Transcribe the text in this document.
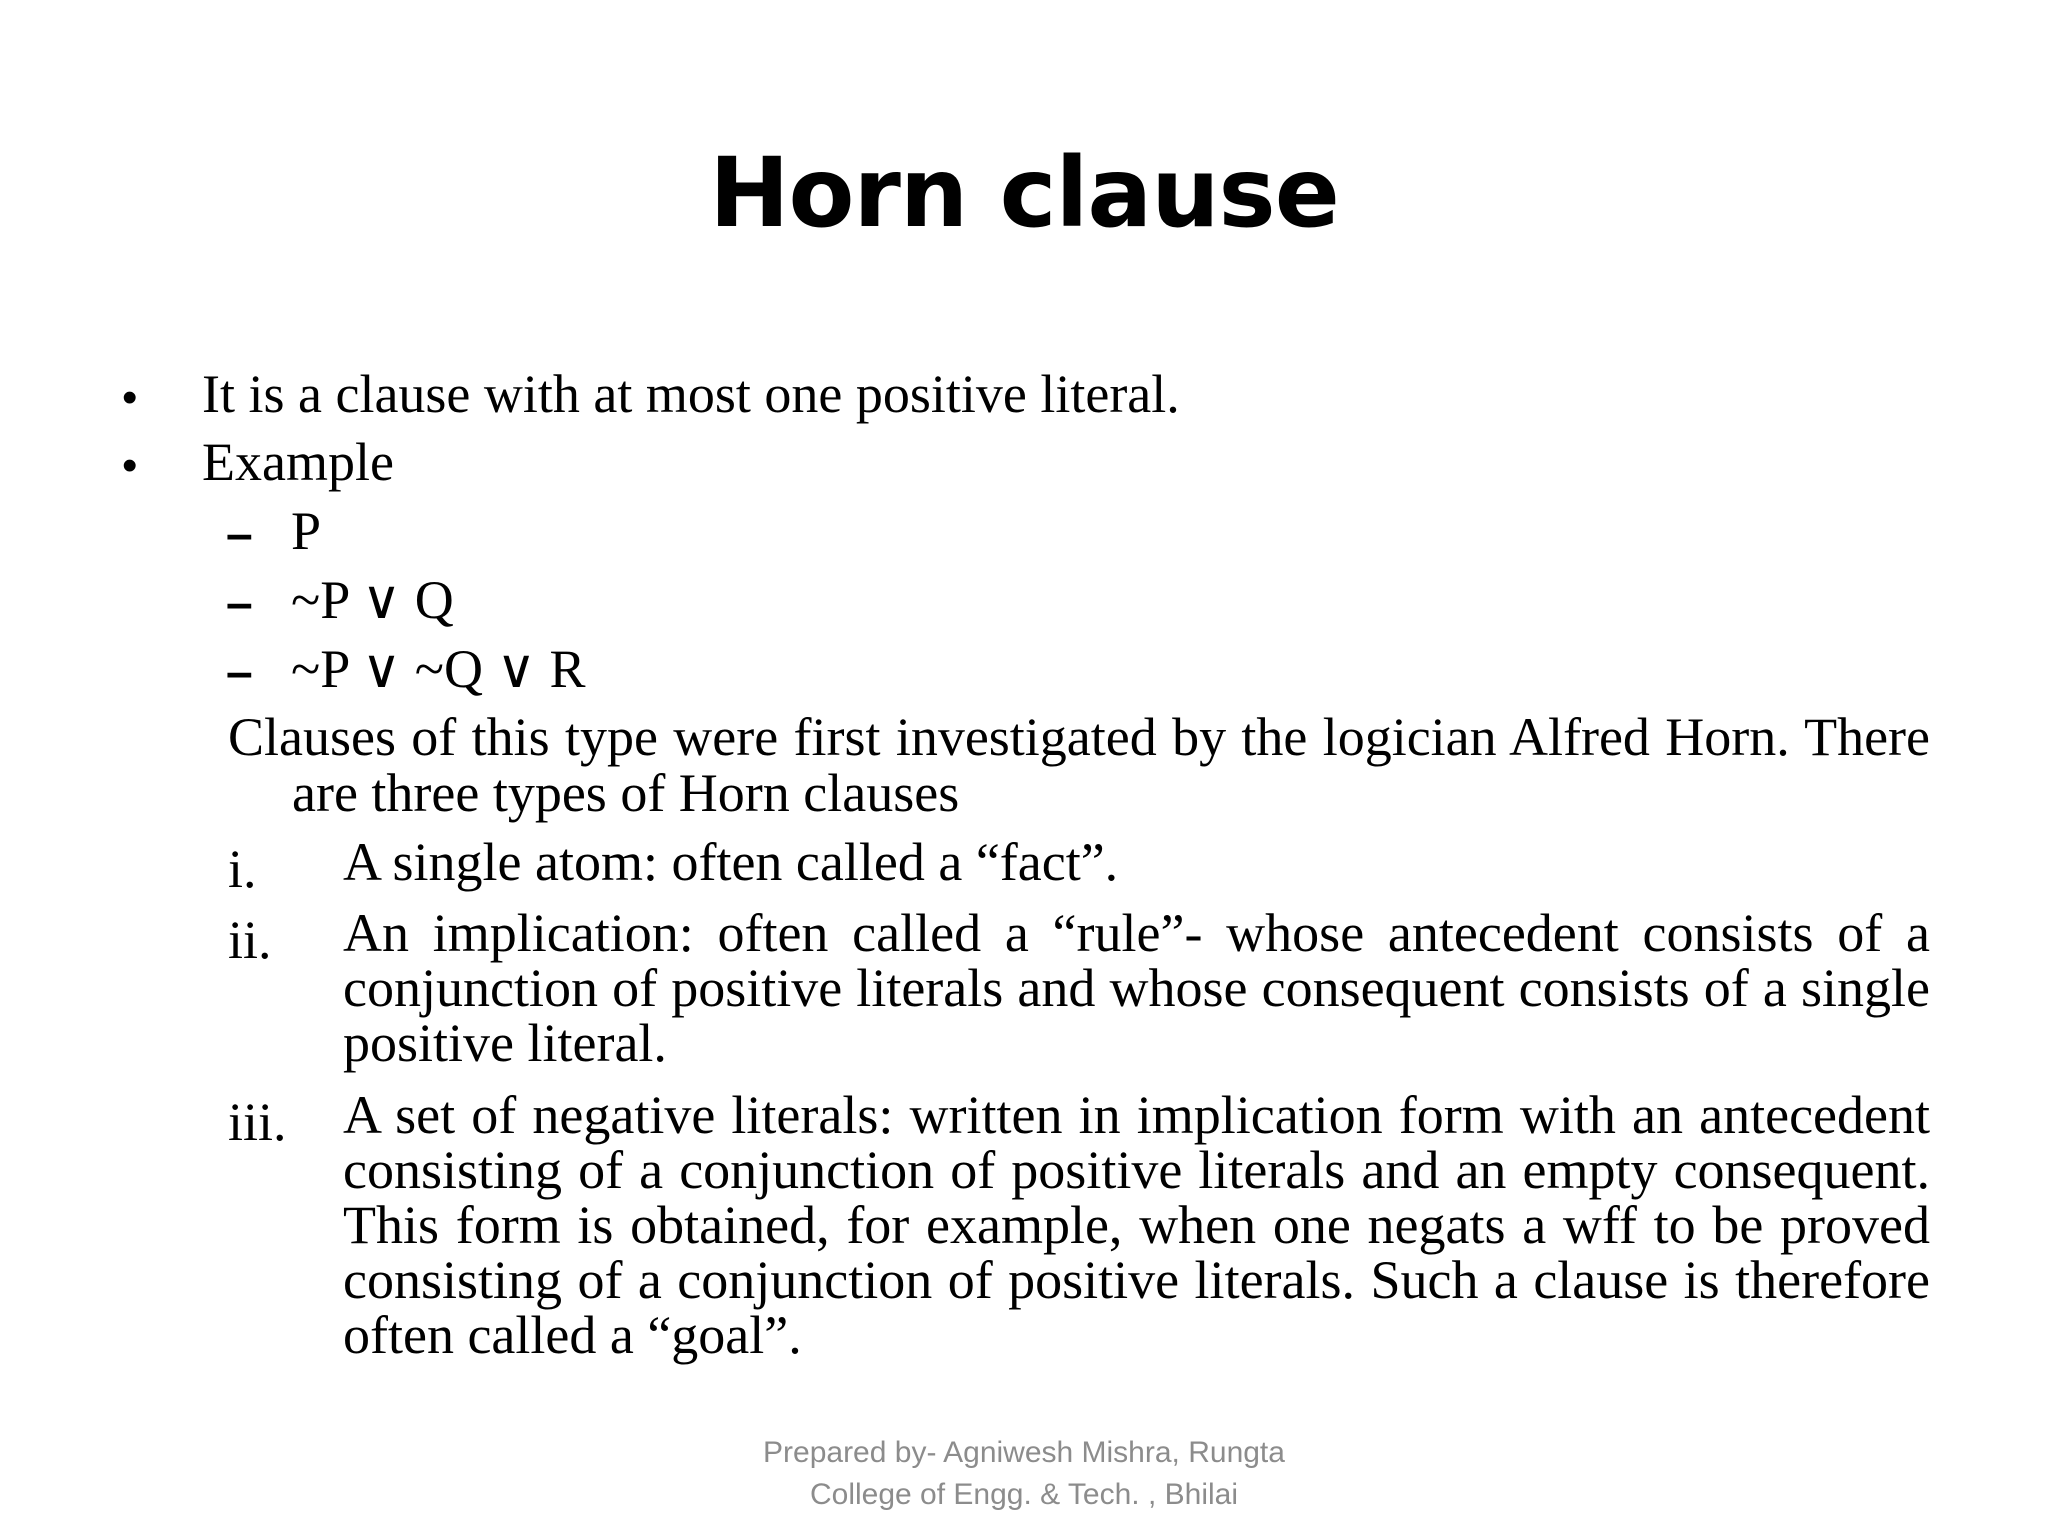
Horn clause
• It is a clause with at most one positive literal.
• Example
– P
– ~P ∨ Q
– ~P ∨ ~Q ∨ R
Clauses of this type were first investigated by the logician Alfred Horn. There are three types of Horn clauses
i. A single atom: often called a “fact”.
ii. An implication: often called a “rule”- whose antecedent consists of a conjunction of positive literals and whose consequent consists of a single positive literal.
iii. A set of negative literals: written in implication form with an antecedent consisting of a conjunction of positive literals and an empty consequent. This form is obtained, for example, when one negats a wff to be proved consisting of a conjunction of positive literals. Such a clause is therefore often called a “goal”.
Prepared by- Agniwesh Mishra, Rungta
College of Engg. & Tech. , Bhilai
